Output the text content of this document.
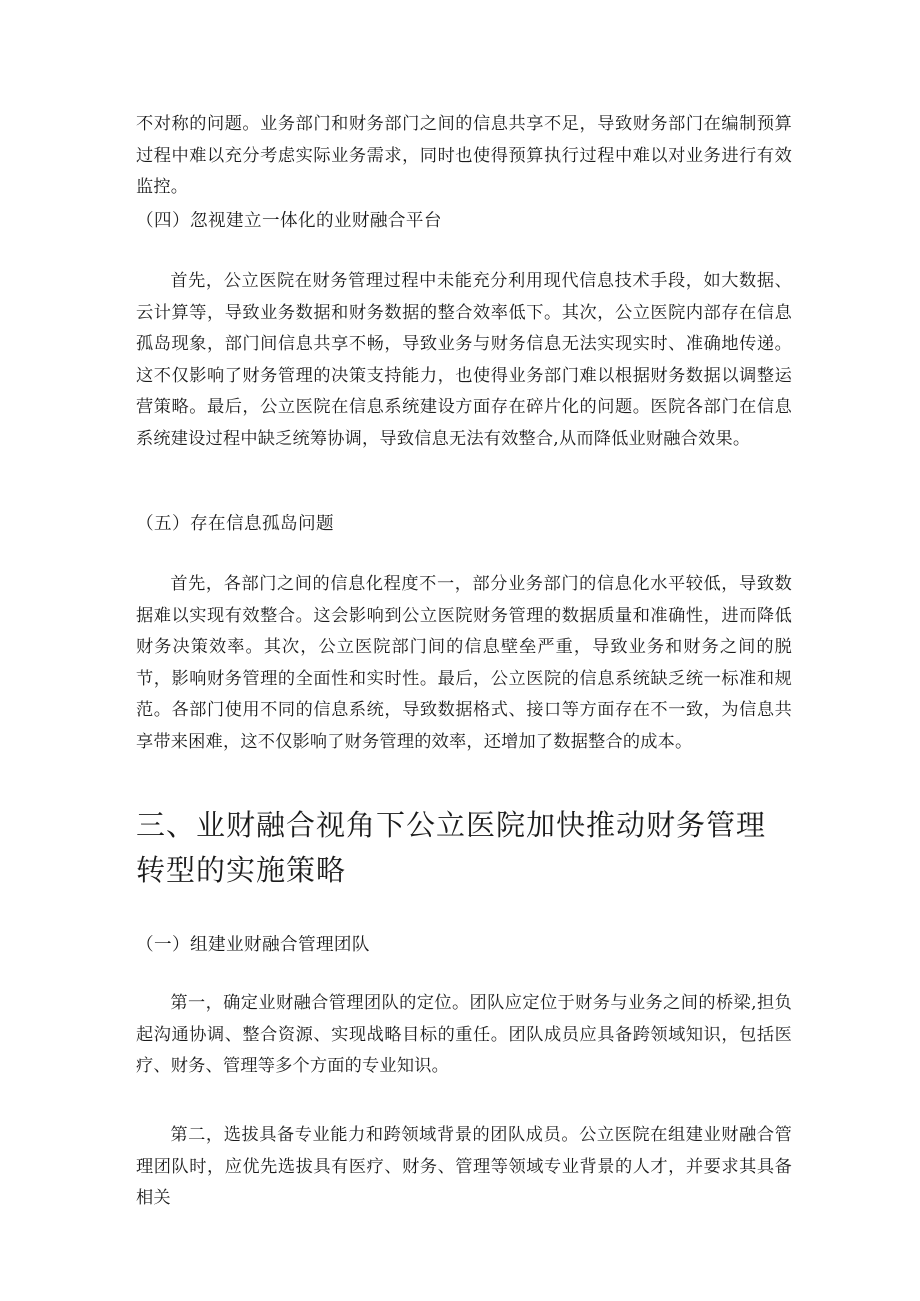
不对称的问题。业务部门和财务部门之间的信息共享不足，导致财务部门在编制预算过程中难以充分考虑实际业务需求，同时也使得预算执行过程中难以对业务进行有效监控。

（四）忽视建立一体化的业财融合平台

首先，公立医院在财务管理过程中未能充分利用现代信息技术手段，如大数据、云计算等，导致业务数据和财务数据的整合效率低下。其次，公立医院内部存在信息孤岛现象，部门间信息共享不畅，导致业务与财务信息无法实现实时、准确地传递。这不仅影响了财务管理的决策支持能力，也使得业务部门难以根据财务数据以调整运营策略。最后，公立医院在信息系统建设方面存在碎片化的问题。医院各部门在信息系统建设过程中缺乏统筹协调，导致信息无法有效整合,从而降低业财融合效果。

（五）存在信息孤岛问题

首先，各部门之间的信息化程度不一，部分业务部门的信息化水平较低，导致数据难以实现有效整合。这会影响到公立医院财务管理的数据质量和准确性，进而降低财务决策效率。其次，公立医院部门间的信息壁垒严重，导致业务和财务之间的脱节，影响财务管理的全面性和实时性。最后，公立医院的信息系统缺乏统一标准和规范。各部门使用不同的信息系统，导致数据格式、接口等方面存在不一致，为信息共享带来困难，这不仅影响了财务管理的效率，还增加了数据整合的成本。

三、业财融合视角下公立医院加快推动财务管理转型的实施策略

（一）组建业财融合管理团队

第一，确定业财融合管理团队的定位。团队应定位于财务与业务之间的桥梁,担负起沟通协调、整合资源、实现战略目标的重任。团队成员应具备跨领域知识，包括医疗、财务、管理等多个方面的专业知识。

第二，选拔具备专业能力和跨领域背景的团队成员。公立医院在组建业财融合管理团队时，应优先选拔具有医疗、财务、管理等领域专业背景的人才，并要求其具备相关
